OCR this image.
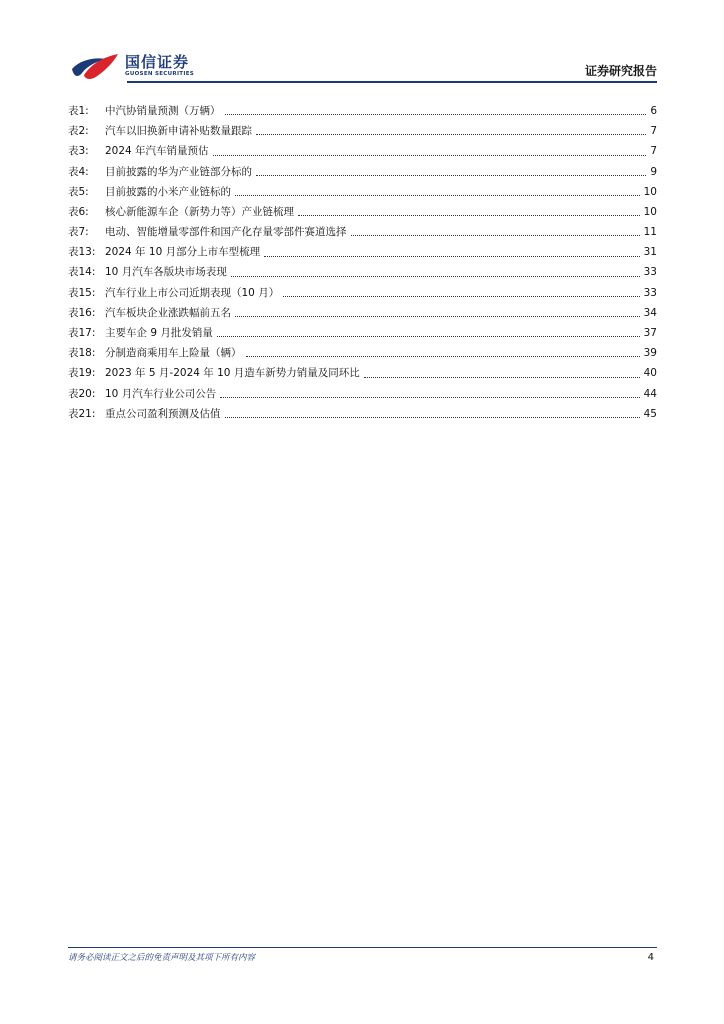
国信证券
GUOSEN SECURITIES	证券研究报告
表1:	中汽协销量预测（万辆）	6
表2:	汽车以旧换新申请补贴数量跟踪	7
表3:	2024 年汽车销量预估	7
表4:	目前披露的华为产业链部分标的	9
表5:	目前披露的小米产业链标的	10
表6:	核心新能源车企（新势力等）产业链梳理	10
表7:	电动、智能增量零部件和国产化存量零部件赛道选择	11
表13: 2024 年 10 月部分上市车型梳理	31
表14: 10 月汽车各版块市场表现	33
表15: 汽车行业上市公司近期表现（10 月）	33
表16: 汽车板块企业涨跌幅前五名	34
表17: 主要车企 9 月批发销量	37
表18: 分制造商乘用车上险量（辆）	39
表19: 2023 年 5 月-2024 年 10 月造车新势力销量及同环比	40
表20: 10 月汽车行业公司公告	44
表21: 重点公司盈利预测及估值	45
请务必阅读正文之后的免责声明及其项下所有内容	4
